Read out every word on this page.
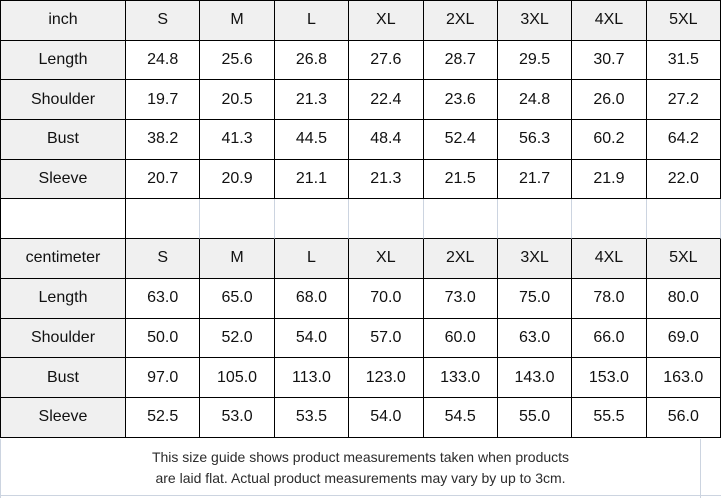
inch	S	M	L	XL	2XL	3XL	4XL	5XL
Length	24.8	25.6	26.8	27.6	28.7	29.5	30.7	31.5
Shoulder	19.7	20.5	21.3	22.4	23.6	24.8	26.0	27.2
Bust	38.2	41.3	44.5	48.4	52.4	56.3	60.2	64.2
Sleeve	20.7	20.9	21.1	21.3	21.5	21.7	21.9	22.0

centimeter	S	M	L	XL	2XL	3XL	4XL	5XL
Length	63.0	65.0	68.0	70.0	73.0	75.0	78.0	80.0
Shoulder	50.0	52.0	54.0	57.0	60.0	63.0	66.0	69.0
Bust	97.0	105.0	113.0	123.0	133.0	143.0	153.0	163.0
Sleeve	52.5	53.0	53.5	54.0	54.5	55.0	55.5	56.0
This size guide shows product measurements taken when products
are laid flat. Actual product measurements may vary by up to 3cm.
